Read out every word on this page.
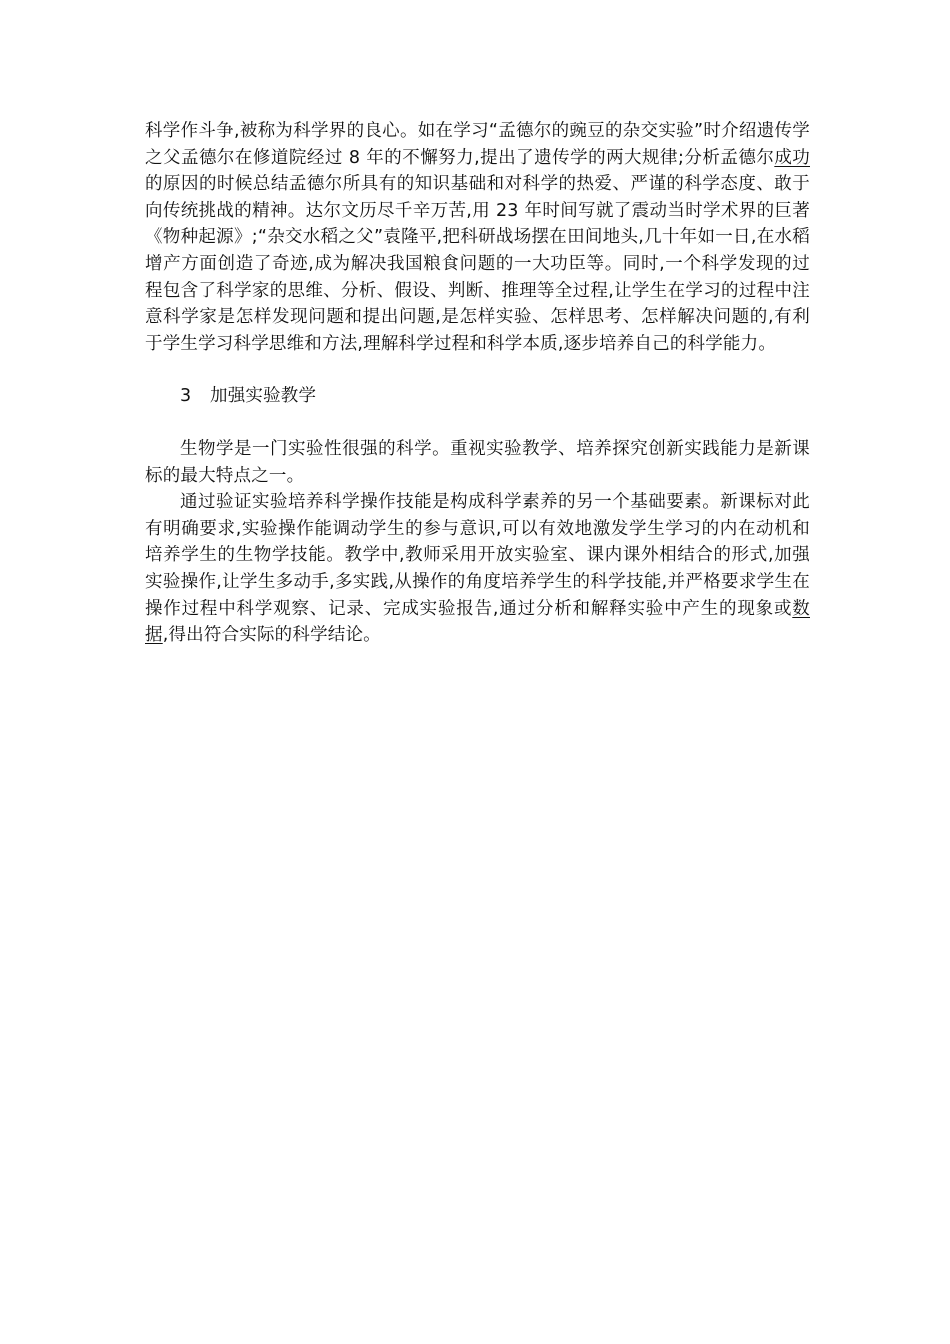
科学作斗争,被称为科学界的良心。如在学习“孟德尔的豌豆的杂交实验”时介绍遗传学之父孟德尔在修道院经过 8 年的不懈努力,提出了遗传学的两大规律;分析孟德尔成功的原因的时候总结孟德尔所具有的知识基础和对科学的热爱、严谨的科学态度、敢于向传统挑战的精神。达尔文历尽千辛万苦,用 23 年时间写就了震动当时学术界的巨著《物种起源》;“杂交水稻之父”袁隆平,把科研战场摆在田间地头,几十年如一日,在水稻增产方面创造了奇迹,成为解决我国粮食问题的一大功臣等。同时,一个科学发现的过程包含了科学家的思维、分析、假设、判断、推理等全过程,让学生在学习的过程中注意科学家是怎样发现问题和提出问题,是怎样实验、怎样思考、怎样解决问题的,有利于学生学习科学思维和方法,理解科学过程和科学本质,逐步培养自己的科学能力。

3 加强实验教学

生物学是一门实验性很强的科学。重视实验教学、培养探究创新实践能力是新课标的最大特点之一。

通过验证实验培养科学操作技能是构成科学素养的另一个基础要素。新课标对此有明确要求,实验操作能调动学生的参与意识,可以有效地激发学生学习的内在动机和培养学生的生物学技能。教学中,教师采用开放实验室、课内课外相结合的形式,加强实验操作,让学生多动手,多实践,从操作的角度培养学生的科学技能,并严格要求学生在操作过程中科学观察、记录、完成实验报告,通过分析和解释实验中产生的现象或数据,得出符合实际的科学结论。
